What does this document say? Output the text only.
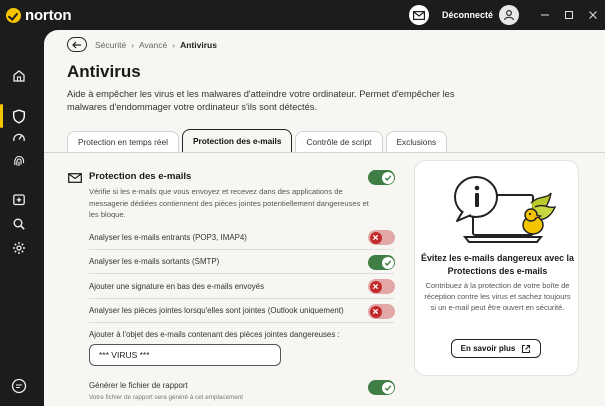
norton	Déconnecté
Sécurité › Avancé › Antivirus
Antivirus
Aide à empêcher les virus et les malwares d'atteindre votre ordinateur. Permet d'empêcher les malwares d'endommager votre ordinateur s'ils sont détectés.
Protection en temps réel	Protection des e-mails	Contrôle de script	Exclusions
Protection des e-mails
Vérifie si les e-mails que vous envoyez et recevez dans des applications de messagerie dédiées contiennent des pièces jointes potentiellement dangereuses et les bloque.
Analyser les e-mails entrants (POP3, IMAP4)
Analyser les e-mails sortants (SMTP)
Ajouter une signature en bas des e-mails envoyés
Analyser les pièces jointes lorsqu'elles sont jointes (Outlook uniquement)
Ajouter à l'objet des e-mails contenant des pièces jointes dangereuses :
*** VIRUS ***
Générer le fichier de rapport
Votre fichier de rapport sera généré à cet emplacement
Évitez les e-mails dangereux avec la Protections des e-mails
Contribuez à la protection de votre boîte de réception contre les virus et sachez toujours si un e-mail peut être ouvert en sécurité.
En savoir plus
